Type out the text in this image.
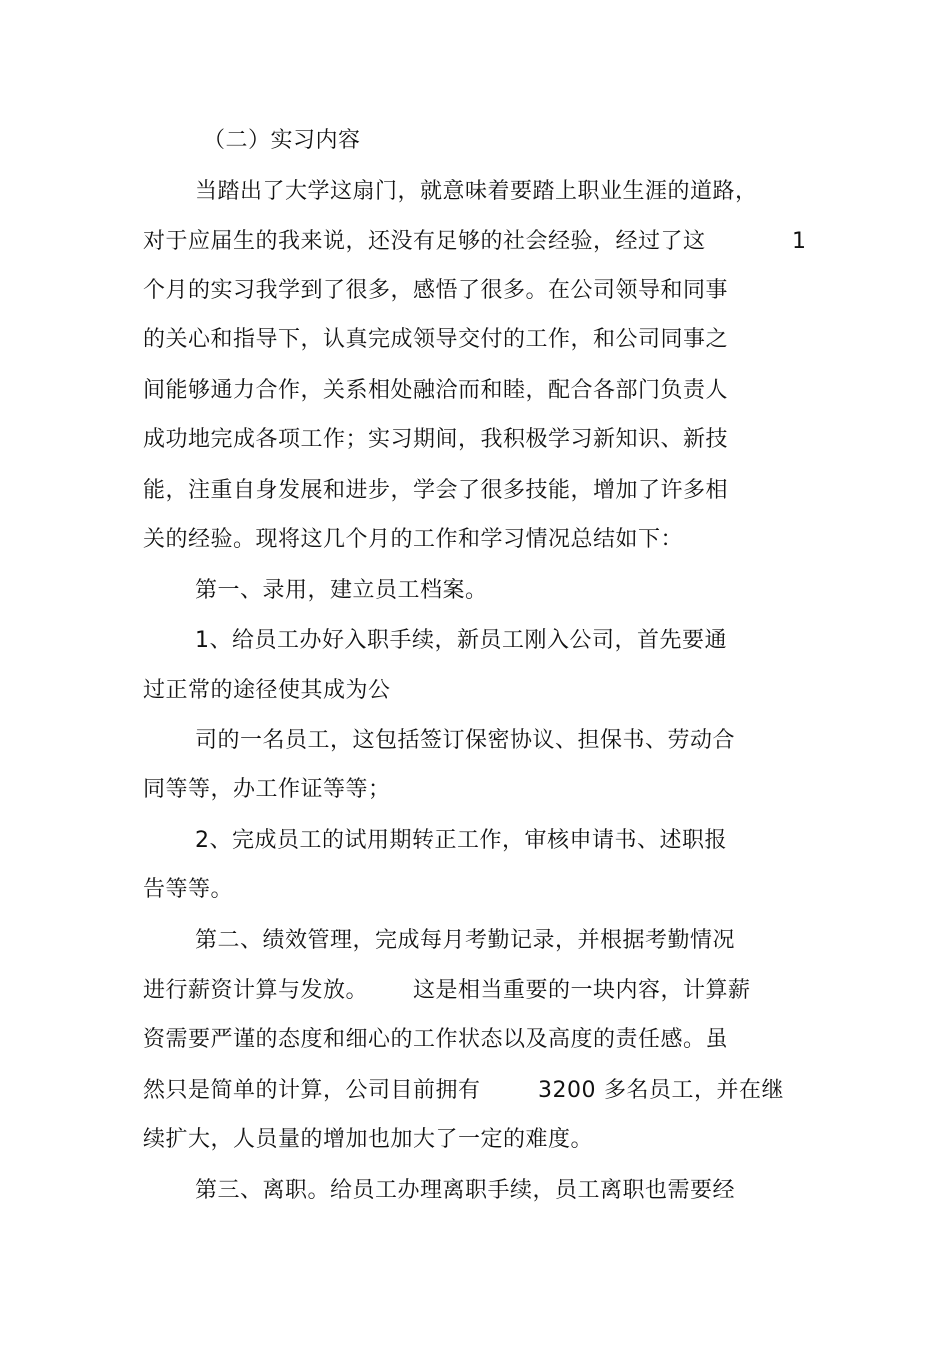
（二）实习内容
当踏出了大学这扇门，就意味着要踏上职业生涯的道路，
对于应届生的我来说，还没有足够的社会经验，经过了这	1
个月的实习我学到了很多，感悟了很多。在公司领导和同事
的关心和指导下，认真完成领导交付的工作，和公司同事之
间能够通力合作，关系相处融洽而和睦，配合各部门负责人
成功地完成各项工作；实习期间，我积极学习新知识、新技
能，注重自身发展和进步，学会了很多技能，增加了许多相
关的经验。现将这几个月的工作和学习情况总结如下：
第一、录用，建立员工档案。
1、给员工办好入职手续，新员工刚入公司，首先要通
过正常的途径使其成为公
司的一名员工，这包括签订保密协议、担保书、劳动合
同等等，办工作证等等；
2、完成员工的试用期转正工作，审核申请书、述职报
告等等。
第二、绩效管理，完成每月考勤记录，并根据考勤情况
进行薪资计算与发放。 这是相当重要的一块内容，计算薪
资需要严谨的态度和细心的工作状态以及高度的责任感。虽
然只是简单的计算，公司目前拥有	3200 多名员工，并在继
续扩大，人员量的增加也加大了一定的难度。
第三、离职。给员工办理离职手续，员工离职也需要经
